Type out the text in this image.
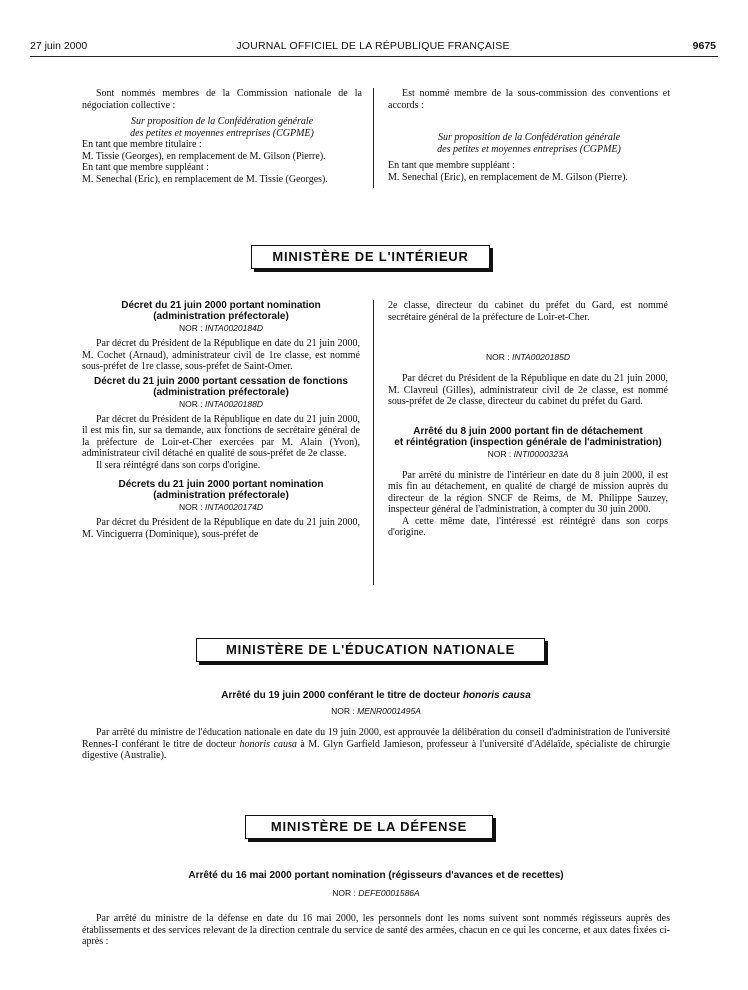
27 juin 2000	JOURNAL OFFICIEL DE LA RÉPUBLIQUE FRANÇAISE	9675

Sont nommés membres de la Commission nationale de la négociation collective :

Sur proposition de la Confédération générale

des petites et moyennes entreprises (CGPME)

En tant que membre titulaire :

M. Tissie (Georges), en remplacement de M. Gilson (Pierre).

En tant que membre suppléant :

M. Senechal (Eric), en remplacement de M. Tissie (Georges).

Est nommé membre de la sous-commission des conventions et accords :

Sur proposition de la Confédération générale

des petites et moyennes entreprises (CGPME)

En tant que membre suppléant :

M. Senechal (Eric), en remplacement de M. Gilson (Pierre).

MINISTÈRE DE L'INTÉRIEUR
Décret du 21 juin 2000 portant nomination
(administration préfectorale)
NOR : INTA0020184D

Par décret du Président de la République en date du 21 juin 2000, M. Cochet (Arnaud), administrateur civil de 1re classe, est nommé sous-préfet de 1re classe, sous-préfet de Saint-Omer.

Décret du 21 juin 2000 portant cessation de fonctions
(administration préfectorale)
NOR : INTA0020188D

Par décret du Président de la République en date du 21 juin 2000, il est mis fin, sur sa demande, aux fonctions de secrétaire général de la préfecture de Loir-et-Cher exercées par M. Alain (Yvon), administrateur civil détaché en qualité de sous-préfet de 2e classe.

Il sera réintégré dans son corps d'origine.

Décrets du 21 juin 2000 portant nomination
(administration préfectorale)
NOR : INTA0020174D

Par décret du Président de la République en date du 21 juin 2000, M. Vinciguerra (Dominique), sous-préfet de

2e classe, directeur du cabinet du préfet du Gard, est nommé secrétaire général de la préfecture de Loir-et-Cher.

NOR : INTA0020185D

Par décret du Président de la République en date du 21 juin 2000, M. Clavreul (Gilles), administrateur civil de 2e classe, est nommé sous-préfet de 2e classe, directeur du cabinet du préfet du Gard.

Arrêté du 8 juin 2000 portant fin de détachement
et réintégration (inspection générale de l'administration)
NOR : INTI0000323A

Par arrêté du ministre de l'intérieur en date du 8 juin 2000, il est mis fin au détachement, en qualité de chargé de mission auprès du directeur de la région SNCF de Reims, de M. Philippe Sauzey, inspecteur général de l'administration, à compter du 30 juin 2000.

A cette même date, l'intéressé est réintégré dans son corps d'origine.

MINISTÈRE DE L'ÉDUCATION NATIONALE
Arrêté du 19 juin 2000 conférant le titre de docteur honoris causa
NOR : MENR0001495A

Par arrêté du ministre de l'éducation nationale en date du 19 juin 2000, est approuvée la délibération du conseil d'administration de l'université Rennes-I conférant le titre de docteur honoris causa à M. Glyn Garfield Jamieson, professeur à l'université d'Adélaïde, spécialiste de chirurgie digestive (Australie).

MINISTÈRE DE LA DÉFENSE
Arrêté du 16 mai 2000 portant nomination (régisseurs d'avances et de recettes)
NOR : DEFE0001586A

Par arrêté du ministre de la défense en date du 16 mai 2000, les personnels dont les noms suivent sont nommés régisseurs auprès des établissements et des services relevant de la direction centrale du service de santé des armées, chacun en ce qui les concerne, et aux dates fixées ci-après :
